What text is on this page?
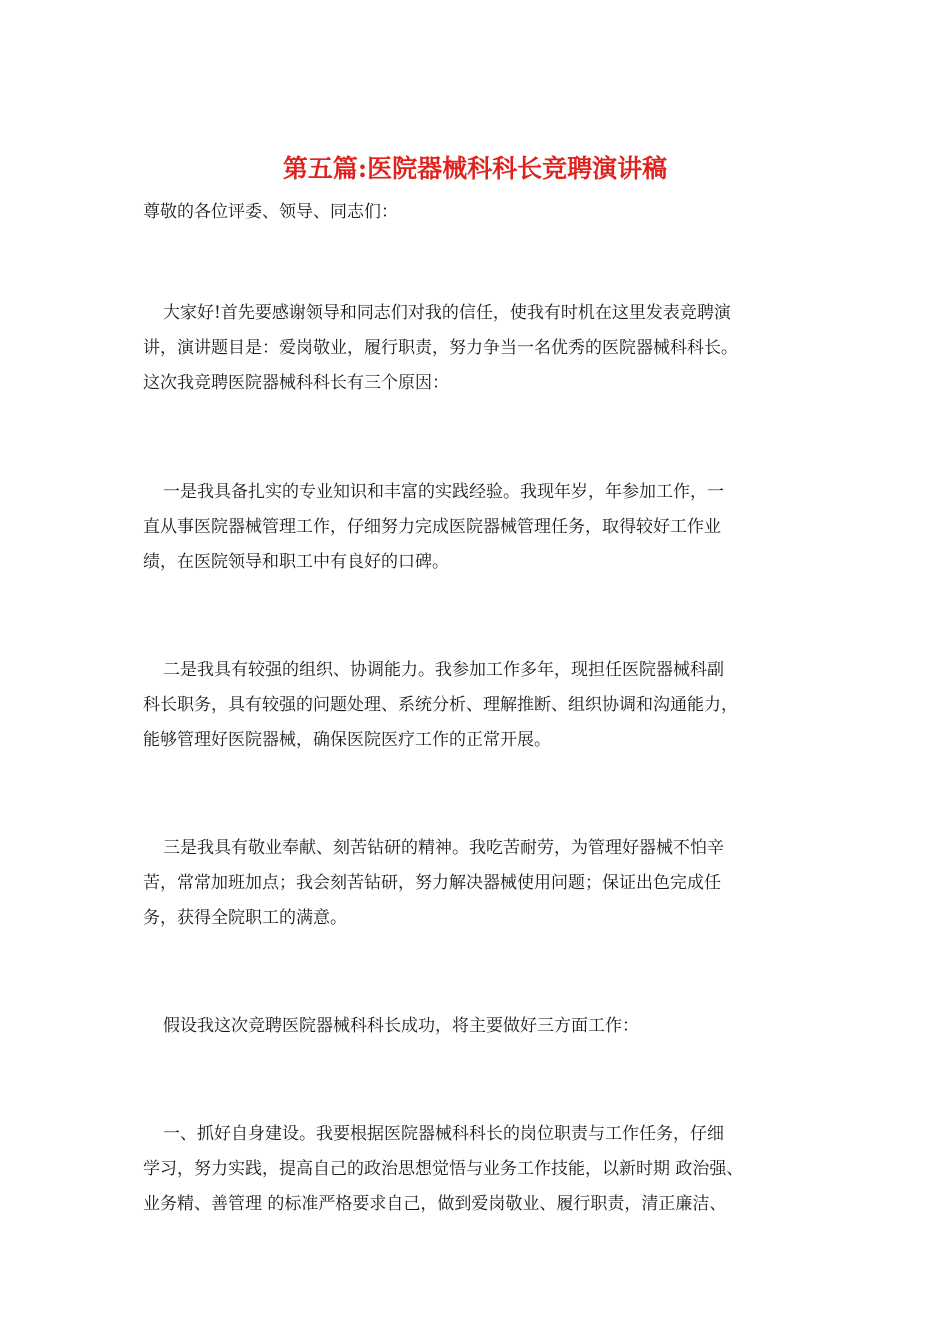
第五篇:医院器械科科长竞聘演讲稿
尊敬的各位评委、领导、同志们：
大家好!首先要感谢领导和同志们对我的信任，使我有时机在这里发表竞聘演
讲，演讲题目是：爱岗敬业，履行职责，努力争当一名优秀的医院器械科科长。
这次我竞聘医院器械科科长有三个原因：
一是我具备扎实的专业知识和丰富的实践经验。我现年岁，年参加工作，一
直从事医院器械管理工作，仔细努力完成医院器械管理任务，取得较好工作业
绩，在医院领导和职工中有良好的口碑。
二是我具有较强的组织、协调能力。我参加工作多年，现担任医院器械科副
科长职务，具有较强的问题处理、系统分析、理解推断、组织协调和沟通能力，
能够管理好医院器械，确保医院医疗工作的正常开展。
三是我具有敬业奉献、刻苦钻研的精神。我吃苦耐劳，为管理好器械不怕辛
苦，常常加班加点；我会刻苦钻研，努力解决器械使用问题；保证出色完成任
务，获得全院职工的满意。
假设我这次竞聘医院器械科科长成功，将主要做好三方面工作：
一、抓好自身建设。我要根据医院器械科科长的岗位职责与工作任务，仔细
学习，努力实践，提高自己的政治思想觉悟与业务工作技能，以新时期 政治强、
业务精、善管理 的标准严格要求自己，做到爱岗敬业、履行职责，清正廉洁、
